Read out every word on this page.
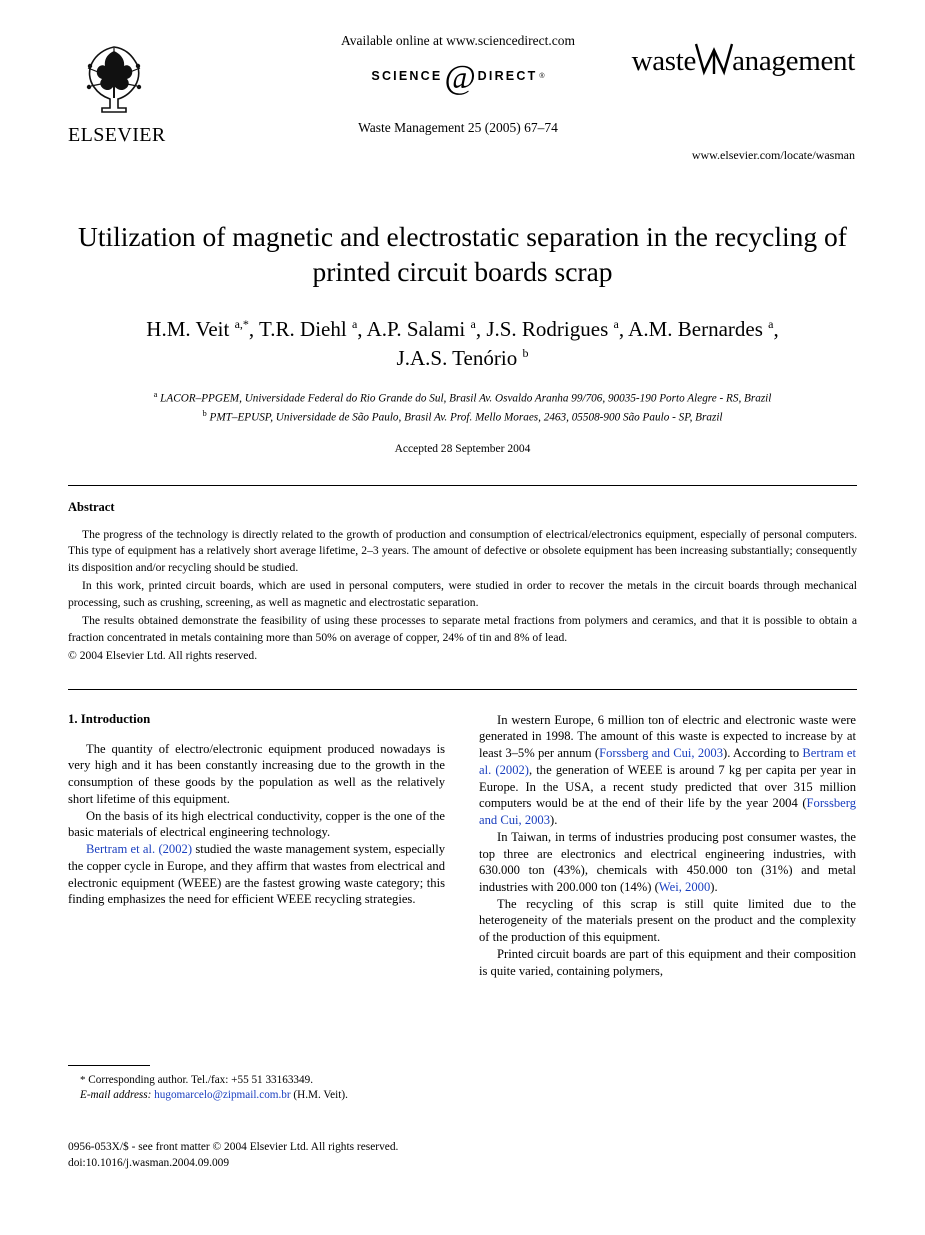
ELSEVIER
Available online at www.sciencedirect.com
SCIENCE @ DIRECT ®	waste anagement
Waste Management 25 (2005) 67–74
www.elsevier.com/locate/wasman
Utilization of magnetic and electrostatic separation in the recycling of printed circuit boards scrap
H.M. Veit $^{a,*}$, T.R. Diehl $^a$, A.P. Salami $^a$, J.S. Rodrigues $^a$, A.M. Bernardes $^a$,
J.A.S. Tenório $^b$
$^a$ LACOR–PPGEM, Universidade Federal do Rio Grande do Sul, Brasil Av. Osvaldo Aranha 99/706, 90035-190 Porto Alegre - RS, Brazil
$^b$ PMT–EPUSP, Universidade de São Paulo, Brasil Av. Prof. Mello Moraes, 2463, 05508-900 São Paulo - SP, Brazil
Accepted 28 September 2004
Abstract

The progress of the technology is directly related to the growth of production and consumption of electrical/electronics equipment, especially of personal computers. This type of equipment has a relatively short average lifetime, 2–3 years. The amount of defective or obsolete equipment has been increasing substantially; consequently its disposition and/or recycling should be studied.

In this work, printed circuit boards, which are used in personal computers, were studied in order to recover the metals in the circuit boards through mechanical processing, such as crushing, screening, as well as magnetic and electrostatic separation.

The results obtained demonstrate the feasibility of using these processes to separate metal fractions from polymers and ceramics, and that it is possible to obtain a fraction concentrated in metals containing more than 50% on average of copper, 24% of tin and 8% of lead.

© 2004 Elsevier Ltd. All rights reserved.

1. Introduction

The quantity of electro/electronic equipment produced nowadays is very high and it has been constantly increasing due to the growth in the consumption of these goods by the population as well as the relatively short lifetime of this equipment.

On the basis of its high electrical conductivity, copper is the one of the basic materials of electrical engineering technology.

Bertram et al. (2002) studied the waste management system, especially the copper cycle in Europe, and they affirm that wastes from electrical and electronic equipment (WEEE) are the fastest growing waste category; this finding emphasizes the need for efficient WEEE recycling strategies.

In western Europe, 6 million ton of electric and electronic waste were generated in 1998. The amount of this waste is expected to increase by at least 3–5% per annum (Forssberg and Cui, 2003). According to Bertram et al. (2002), the generation of WEEE is around 7 kg per capita per year in Europe. In the USA, a recent study predicted that over 315 million computers would be at the end of their life by the year 2004 (Forssberg and Cui, 2003).

In Taiwan, in terms of industries producing post consumer wastes, the top three are electronics and electrical engineering industries, with 630.000 ton (43%), chemicals with 450.000 ton (31%) and metal industries with 200.000 ton (14%) (Wei, 2000).

The recycling of this scrap is still quite limited due to the heterogeneity of the materials present on the product and the complexity of the production of this equipment.

Printed circuit boards are part of this equipment and their composition is quite varied, containing polymers,

* Corresponding author. Tel./fax: +55 51 33163349.

E-mail address: hugomarcelo@zipmail.com.br (H.M. Veit).

0956-053X/$ - see front matter © 2004 Elsevier Ltd. All rights reserved.
doi:10.1016/j.wasman.2004.09.009
